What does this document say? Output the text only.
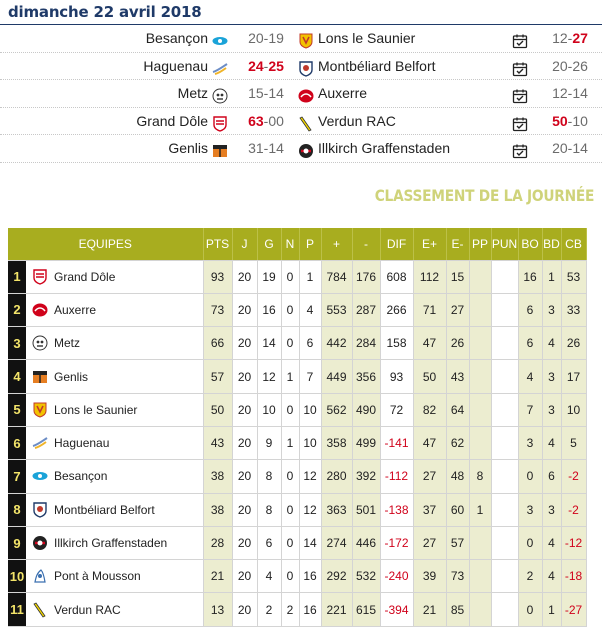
dimanche 22 avril 2018
Besançon	20-19 Lons le Saunier	12-27
Haguenau	24-25 Montbéliard Belfort	20-26
Metz	15-14 Auxerre	12-14
Grand Dôle	63-00 Verdun RAC	50-10
Genlis	31-14 Illkirch Graffenstaden	20-14
CLASSEMENT DE LA JOURNÉE
EQUIPES		PTS	J	G	N	P	+	-	DIF	E+	E-	PP	PUN	BO	BD	CB
1	Grand Dôle	93	20	19	0	1	784	176	608	112	15			16	1	53
2	Auxerre	73	20	16	0	4	553	287	266	71	27			6	3	33
3	Metz	66	20	14	0	6	442	284	158	47	26			6	4	26
4	Genlis	57	20	12	1	7	449	356	93	50	43			4	3	17
5	Lons le Saunier	50	20	10	0	10	562	490	72	82	64			7	3	10
6	Haguenau	43	20	9	1	10	358	499	-141	47	62			3	4	5
7	Besançon	38	20	8	0	12	280	392	-112	27	48	8		0	6	-2
8	Montbéliard Belfort	38	20	8	0	12	363	501	-138	37	60	1		3	3	-2
9	Illkirch Graffenstaden	28	20	6	0	14	274	446	-172	27	57			0	4	-12
10	Pont à Mousson	21	20	4	0	16	292	532	-240	39	73			2	4	-18
11	Verdun RAC	13	20	2	2	16	221	615	-394	21	85			0	1	-27
